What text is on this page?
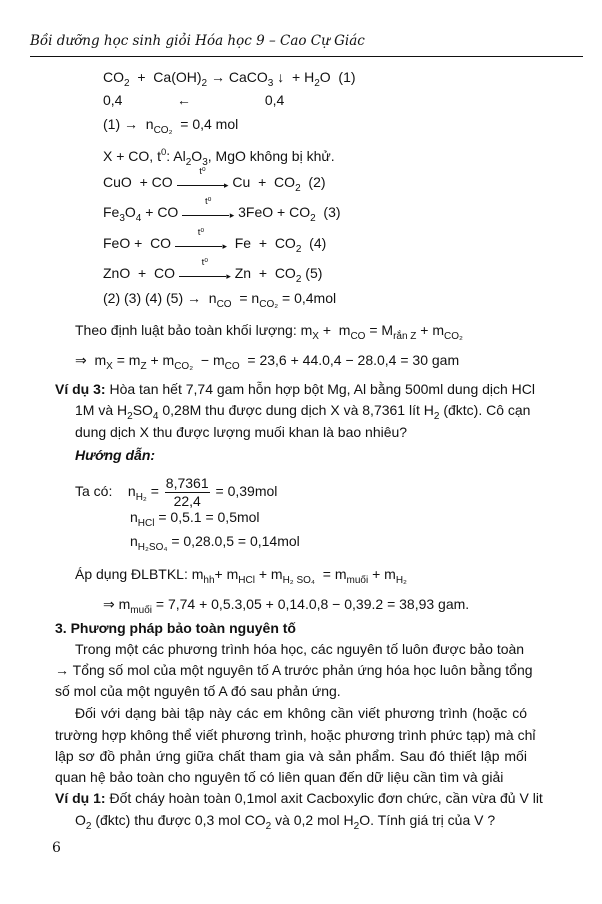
Bồi dưỡng học sinh giỏi Hóa học 9 – Cao Cự Giác
$CO_2 + Ca(OH)_2$ → CaCO$_3$ ↓  + $H_2O$  (1)
0,4              ←                   0,4
$(1) \to n_{CO_2} = 0,4$ mol
X + CO, $t^0$: $Al_2O_3$, MgO không bị khử.
CuO  + CO
t⁰
▸ $Cu + CO_2$  (2)
$Fe_3O_4$ + CO
t⁰
▸ $3FeO + CO_2$  (3)
FeO +  CO
t⁰
▸ $Fe + CO_2$  (4)
ZnO  +  CO
t⁰
▸ $Zn + CO_2$ (5)
(2) (3) (4) $(5) \to n_{CO} = n_{CO_2} = 0,4mol$
Theo định luật bảo toàn khối lượng: $m_X + m_{CO} = M_{rắn Z} + m_{CO_2}$
⇒  $m_X = m_Z + m_{CO_2} - m_{CO} = 23,6 + 44.0,4 - 28.0,4 = 30$ gam
Ví dụ 3: Hòa tan hết 7,74 gam hỗn hợp bột Mg, Al bằng 500ml dung dịch HCl
1M và $H_2SO_4$ 0,28M thu được dung dịch X và 8,7361 lít $H_2$ (đktc). Cô cạn
dung dịch X thu được lượng muối khan là bao nhiêu?
Hướng dẫn:
Ta có:    $n_{H_2} = \frac{8,7361}{22,4} = 0,39mol$
$n_{HCl} = 0,5.1 = 0,5mol$
$n_{H_2SO_4} = 0,28.0,5 = 0,14mol$
Áp dụng ĐLBTKL: $m_{hh}+ m_{HCl} + m_{H_2 SO_4} = m_{muối} + m_{H_2}$
⇒ $m_{muối} = 7,74 + 0,5.3,05 + 0,14.0,8 - 0,39.2 = 38,93$ gam.
3. Phương pháp bảo toàn nguyên tố
Trong một các phương trình hóa học, các nguyên tố luôn được bảo toàn
→ Tổng số mol của một nguyên tố A trước phản ứng hóa học luôn bằng tổng
số mol của một nguyên tố A đó sau phản ứng.
Đối với dạng bài tập này các em không cần viết phương trình (hoặc có
trường hợp không thể viết phương trình, hoặc phương trình phức tạp) mà chỉ
lập sơ đồ phản ứng giữa chất tham gia và sản phẩm. Sau đó thiết lập mối
quan hệ bảo toàn cho nguyên tố có liên quan đến dữ liệu cần tìm và giải
Ví dụ 1: Đốt cháy hoàn toàn 0,1mol axit Cacboxylic đơn chức, cần vừa đủ V lit
$O_2$ (đktc) thu được 0,3 mol $CO_2$ và 0,2 mol $H_2O$. Tính giá trị của V ?
6
